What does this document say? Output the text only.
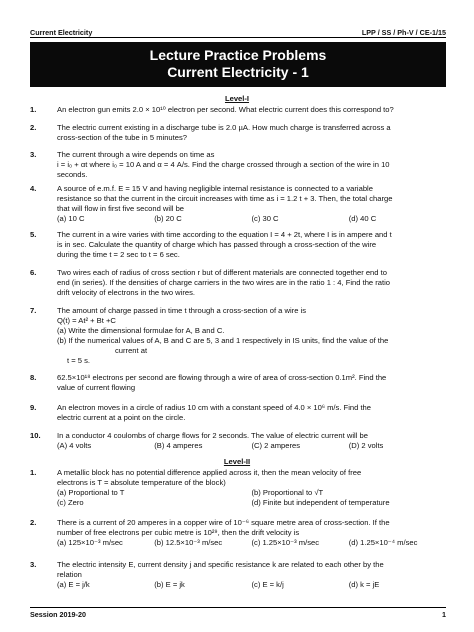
Current Electricity	LPP / SS / Ph-V / CE-1/15
Lecture Practice Problems
Current Electricity - 1
Level-I
1.	An electron gun emits 2.0 × 10¹⁰ electron per second. What electric current does this correspond to?
2.	The electric current existing in a discharge tube is 2.0 µA. How much charge is transferred across a
cross-section of the tube in 5 minutes?
3.	The current through a wire depends on time as
i = i₀ + αt where i₀ = 10 A and α = 4 A/s. Find the charge crossed through a section of the wire in 10
seconds.
4.	A source of e.m.f. E = 15 V and having negligible internal resistance is connected to a variable
resistance so that the current in the circuit increases with time as i = 1.2 t + 3. Then, the total charge
that will flow in first five second will be
(a) 10 C	(b) 20 C	(c) 30 C	(d) 40 C
5.	The current in a wire varies with time according to the equation I = 4 + 2t, where I is in ampere and t
is in sec. Calculate the quantity of charge which has passed through a cross-section of the wire
during the time t = 2 sec to t = 6 sec.
6.	Two wires each of radius of cross section r but of different materials are connected together end to
end (in series). If the densities of charge carriers in the two wires are in the ratio 1 : 4, Find the ratio
drift velocity of electrons in the two wires.
7.	The amount of charge passed in time t through a cross-section of a wire is
Q(t) = At² + Bt +C
(a) Write the dimensional formulae for A, B and C.
(b) If the numerical values of A, B and C are 5, 3 and 1 respectively in IS units, find the value of the
current at
t = 5 s.
8.	62.5×10¹⁸ electrons per second are flowing through a wire of area of cross-section 0.1m². Find the
value of current flowing
9.	An electron moves in a circle of radius 10 cm with a constant speed of 4.0 × 10⁶ m/s. Find the
electric current at a point on the circle.
10.	In a conductor 4 coulombs of charge flows for 2 seconds. The value of electric current will be
(A) 4 volts	(B) 4 amperes	(C) 2 amperes	(D) 2 volts
Level-II
1.	A metallic block has no potential difference applied across it, then the mean velocity of free
electrons is T = absolute temperature of the block)
(a) Proportional to T	(b) Proportional to √T
(c) Zero	(d) Finite but independent of temperature
2.	There is a current of 20 amperes in a copper wire of 10⁻⁶ square metre area of cross-section. If the
number of free electrons per cubic metre is 10²⁹, then the drift velocity is
(a) 125×10⁻³ m/sec	(b) 12.5×10⁻³ m/sec	(c) 1.25×10⁻³ m/sec	(d) 1.25×10⁻⁴ m/sec
3.	The electric intensity E, current density j and specific resistance k are related to each other by the
relation
(a) E = j/k	(b) E = jk	(c) E = k/j	(d) k = jE
Session 2019-20	1
